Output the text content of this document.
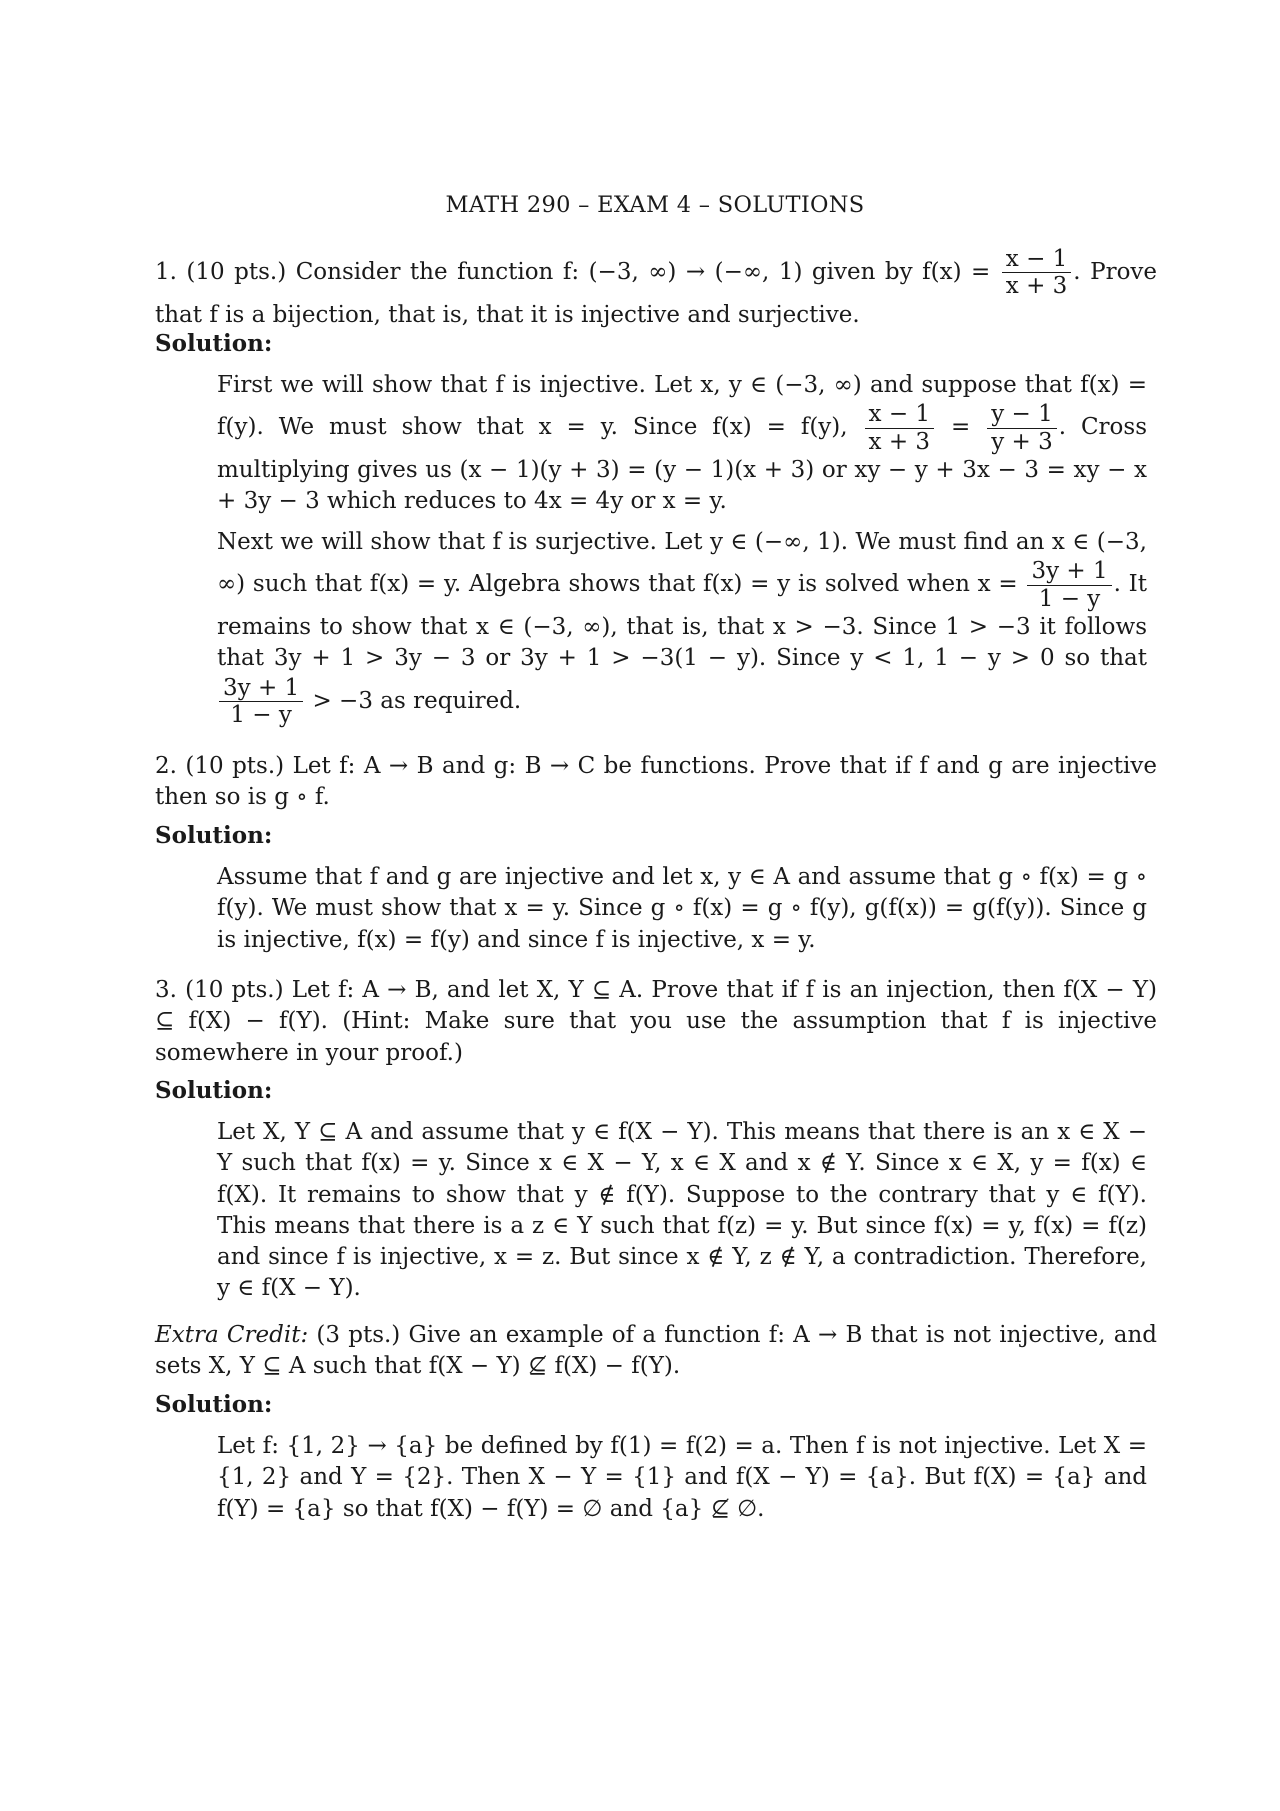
MATH 290 – EXAM 4 – SOLUTIONS

1. (10 pts.) Consider the function f: (−3, ∞) → (−∞, 1) given by $f(x) = \frac{x - 1}{x + 3}$ . Prove that f is a bijection, that is, that it is injective and surjective.

Solution:

First we will show that f is injective. Let x, y ∈ (−3, ∞) and suppose that f(x) = f(y). We must show that x = y. Since f(x) = f(y), $\frac{x - 1}{x + 3} = \frac{y - 1}{y + 3}$ . Cross multiplying gives us (x − 1)(y + 3) = (y − 1)(x + 3) or xy − y + 3x − 3 = xy − x + 3y − 3 which reduces to 4x = 4y or x = y.

Next we will show that f is surjective. Let y ∈ (−∞, 1). We must find an x ∈ (−3, ∞) such that f(x) = y. Algebra shows that f(x) = y is solved when $x = \frac{3y + 1}{1 - y}$ . It remains to show that x ∈ (−3, ∞), that is, that x > −3. Since 1 > −3 it follows that 3y + 1 > 3y − 3 or 3y + 1 > −3(1 − y). Since y < 1, 1 − y > 0 so that
$\frac{3y + 1}{1 - y} > -3$ as required.

2. (10 pts.) Let f: A → B and g: B → C be functions. Prove that if f and g are injective then so is g ∘ f.
Solution:
Assume that f and g are injective and let x, y ∈ A and assume that g ∘ f(x) = g ∘ f(y). We must show that x = y. Since g ∘ f(x) = g ∘ f(y), g(f(x)) = g(f(y)). Since g is injective, f(x) = f(y) and since f is injective, x = y.
3. (10 pts.) Let f: A → B, and let X, Y ⊆ A. Prove that if f is an injection, then f(X − Y) ⊆ f(X) − f(Y). (Hint: Make sure that you use the assumption that f is injective somewhere in your proof.)
Solution:
Let X, Y ⊆ A and assume that y ∈ f(X − Y). This means that there is an x ∈ X − Y such that f(x) = y. Since x ∈ X − Y, x ∈ X and x ∉ Y. Since x ∈ X, y = f(x) ∈ f(X). It remains to show that y ∉ f(Y). Suppose to the contrary that y ∈ f(Y). This means that there is a z ∈ Y such that f(z) = y. But since f(x) = y, f(x) = f(z) and since f is injective, x = z. But since x ∉ Y, z ∉ Y, a contradiction. Therefore, y ∈ f(X − Y).

Extra Credit: (3 pts.) Give an example of a function f: A → B that is not injective, and sets X, Y ⊆ A such that f(X − Y) ⊈ f(X) − f(Y).

Solution:
Let f: {1, 2} → {a} be defined by f(1) = f(2) = a. Then f is not injective. Let X = {1, 2} and Y = {2}. Then X − Y = {1} and f(X − Y) = {a}. But f(X) = {a} and f(Y) = {a} so that f(X) − f(Y) = ∅ and {a} ⊈ ∅.
